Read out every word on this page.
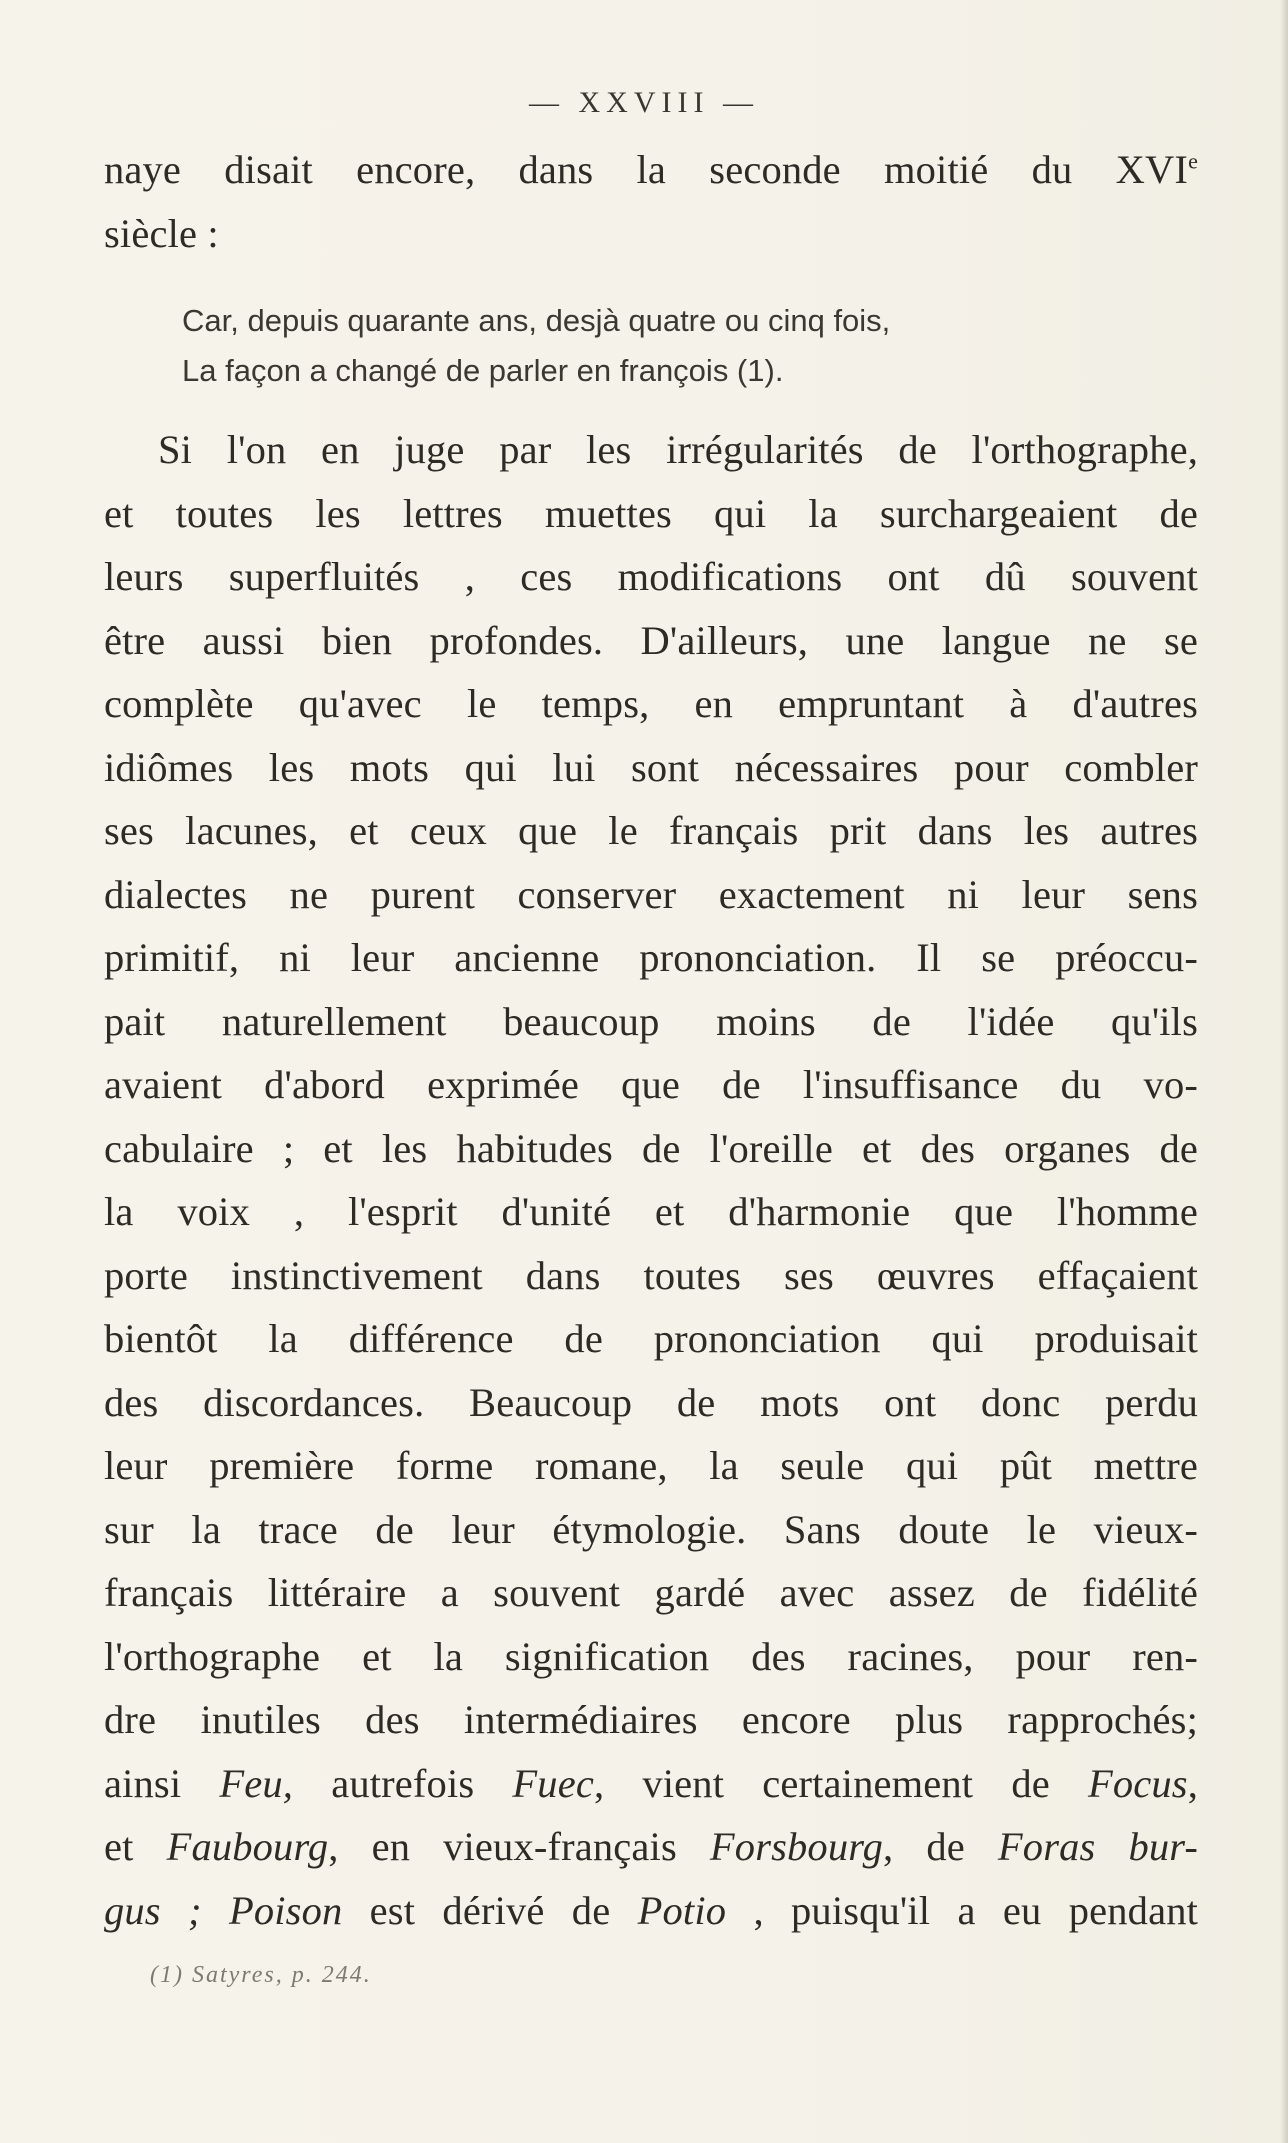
— XXVIII —
naye disait encore, dans la seconde moitié du XVIe
siècle :
Car, depuis quarante ans, desjà quatre ou cinq fois,
La façon a changé de parler en françois (1).
Si l'on en juge par les irrégularités de l'orthographe,
et toutes les lettres muettes qui la surchargeaient de
leurs superfluités , ces modifications ont dû souvent
être aussi bien profondes. D'ailleurs, une langue ne se
complète qu'avec le temps, en empruntant à d'autres
idiômes les mots qui lui sont nécessaires pour combler
ses lacunes, et ceux que le français prit dans les autres
dialectes ne purent conserver exactement ni leur sens
primitif, ni leur ancienne prononciation. Il se préoccu-
pait naturellement beaucoup moins de l'idée qu'ils
avaient d'abord exprimée que de l'insuffisance du vo-
cabulaire ; et les habitudes de l'oreille et des organes de
la voix , l'esprit d'unité et d'harmonie que l'homme
porte instinctivement dans toutes ses œuvres effaçaient
bientôt la différence de prononciation qui produisait
des discordances. Beaucoup de mots ont donc perdu
leur première forme romane, la seule qui pût mettre
sur la trace de leur étymologie. Sans doute le vieux-
français littéraire a souvent gardé avec assez de fidélité
l'orthographe et la signification des racines, pour ren-
dre inutiles des intermédiaires encore plus rapprochés;
ainsi Feu, autrefois Fuec, vient certainement de Focus,
et Faubourg, en vieux-français Forsbourg, de Foras bur-
gus ; Poison est dérivé de Potio , puisqu'il a eu pendant
(1) Satyres, p. 244.
